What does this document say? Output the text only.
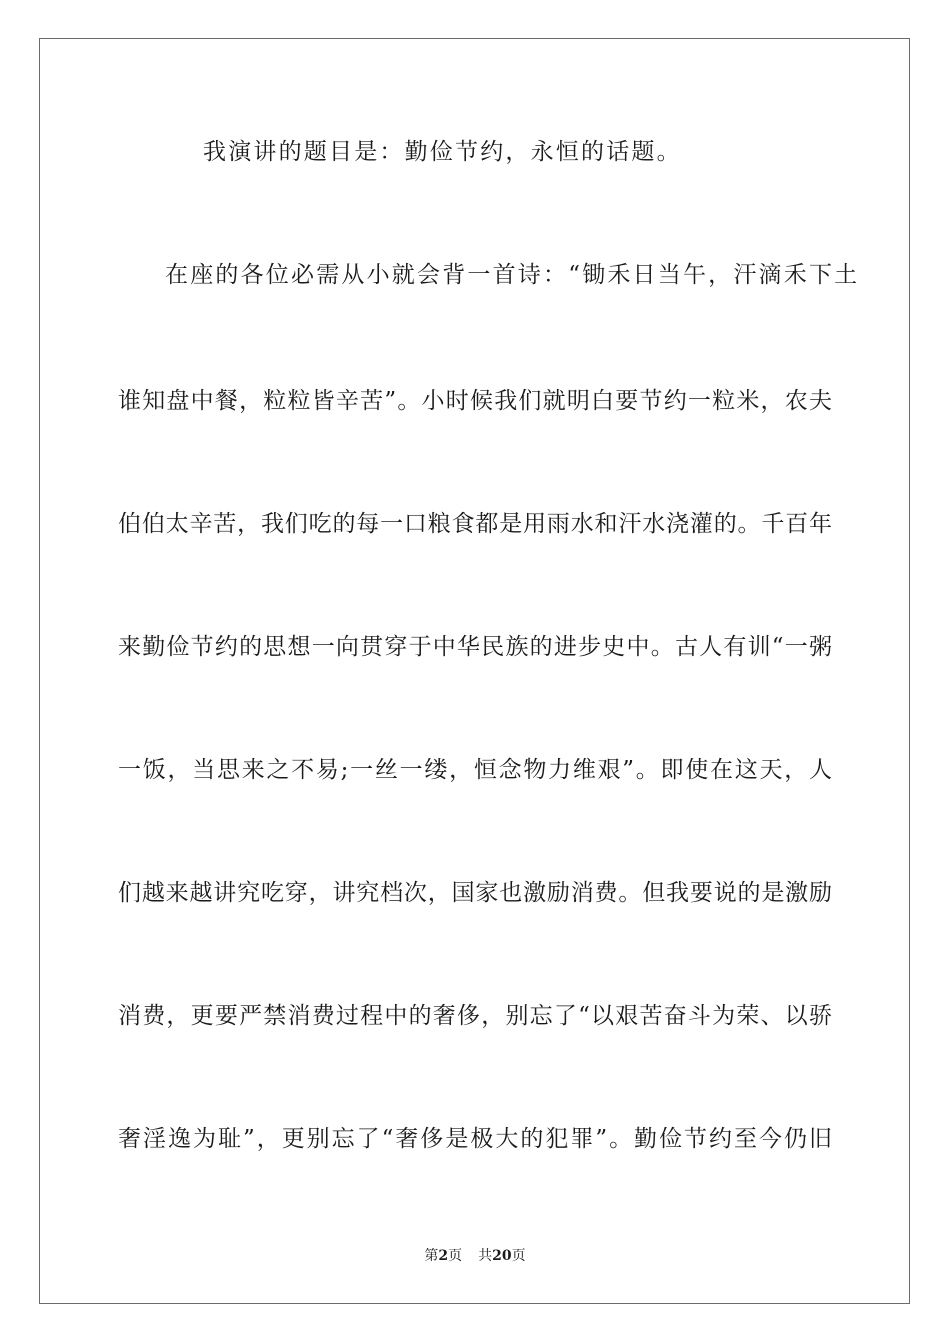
我演讲的题目是：勤俭节约，永恒的话题。
在座的各位必需从小就会背一首诗：“锄禾日当午，汗滴禾下土
谁知盘中餐，粒粒皆辛苦”。小时候我们就明白要节约一粒米，农夫
伯伯太辛苦，我们吃的每一口粮食都是用雨水和汗水浇灌的。千百年
来勤俭节约的思想一向贯穿于中华民族的进步史中。古人有训“一粥
一饭，当思来之不易;一丝一缕，恒念物力维艰”。即使在这天，人
们越来越讲究吃穿，讲究档次，国家也激励消费。但我要说的是激励
消费，更要严禁消费过程中的奢侈，别忘了“以艰苦奋斗为荣、以骄
奢淫逸为耻”，更别忘了“奢侈是极大的犯罪”。勤俭节约至今仍旧
第2页 共20页
